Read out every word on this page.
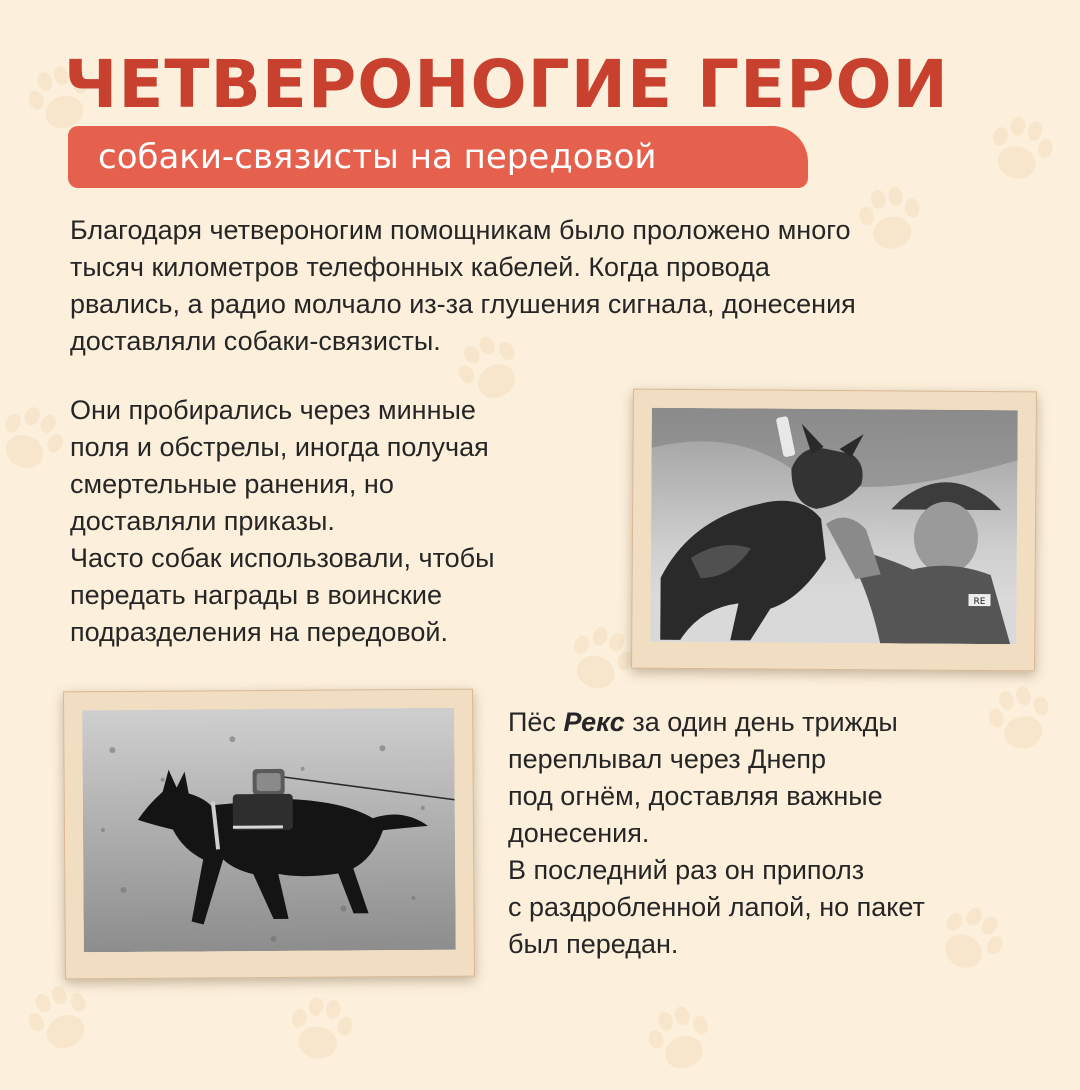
ЧЕТВЕРОНОГИЕ ГЕРОИ
собаки-связисты на передовой
Благодаря четвероногим помощникам было проложено много
тысяч километров телефонных кабелей. Когда провода
рвались, а радио молчало из-за глушения сигнала, донесения
доставляли собаки-связисты.
Они пробирались через минные
поля и обстрелы, иногда получая
смертельные ранения, но
доставляли приказы.
Часто собак использовали, чтобы
передать награды в воинские
подразделения на передовой.
Пёс Рекс за один день трижды
переплывал через Днепр
под огнём, доставляя важные
донесения.
В последний раз он приполз
с раздробленной лапой, но пакет
был передан.
RE
